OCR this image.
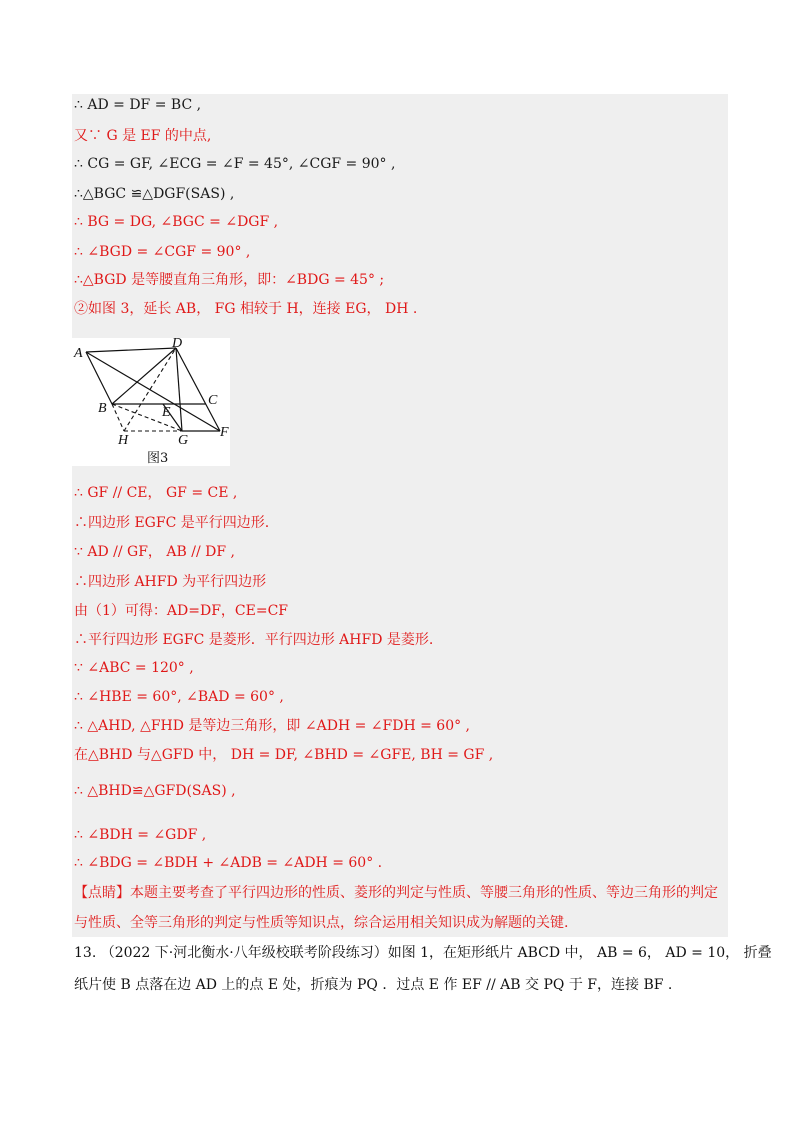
∴ AD = DF = BC ,
又∵ G 是 EF 的中点,
∴ CG = GF, ∠ECG = ∠F = 45°, ∠CGF = 90° ,
∴△BGC ≌△DGF(SAS) ,
∴ BG = DG, ∠BGC = ∠DGF ,
∴ ∠BGD = ∠CGF = 90° ,
∴△BGD 是等腰直角三角形，即：∠BDG = 45° ;
②如图 3，延长 AB， FG 相较于 H，连接 EG， DH .
A
D
B
C
E
F
H	G
图3
∴ GF // CE， GF = CE ,
∴四边形 EGFC 是平行四边形.
∵ AD // GF， AB // DF ,
∴四边形 AHFD 为平行四边形
由（1）可得：AD=DF，CE=CF
∴平行四边形 EGFC 是菱形．平行四边形 AHFD 是菱形.
∵ ∠ABC = 120° ,
∴ ∠HBE = 60°, ∠BAD = 60° ,
∴ △AHD, △FHD 是等边三角形，即 ∠ADH = ∠FDH = 60° ,
在△BHD 与△GFD 中， DH = DF, ∠BHD = ∠GFE, BH = GF ,
∴ △BHD≌△GFD(SAS) ,
∴ ∠BDH = ∠GDF ,
∴ ∠BDG = ∠BDH + ∠ADB = ∠ADH = 60° .
【点睛】本题主要考查了平行四边形的性质、菱形的判定与性质、等腰三角形的性质、等边三角形的判定
与性质、全等三角形的判定与性质等知识点，综合运用相关知识成为解题的关键.
13. （2022 下·河北衡水·八年级校联考阶段练习）如图 1，在矩形纸片 ABCD 中， AB = 6， AD = 10， 折叠
纸片使 B 点落在边 AD 上的点 E 处，折痕为 PQ ．过点 E 作 EF // AB 交 PQ 于 F，连接 BF .
